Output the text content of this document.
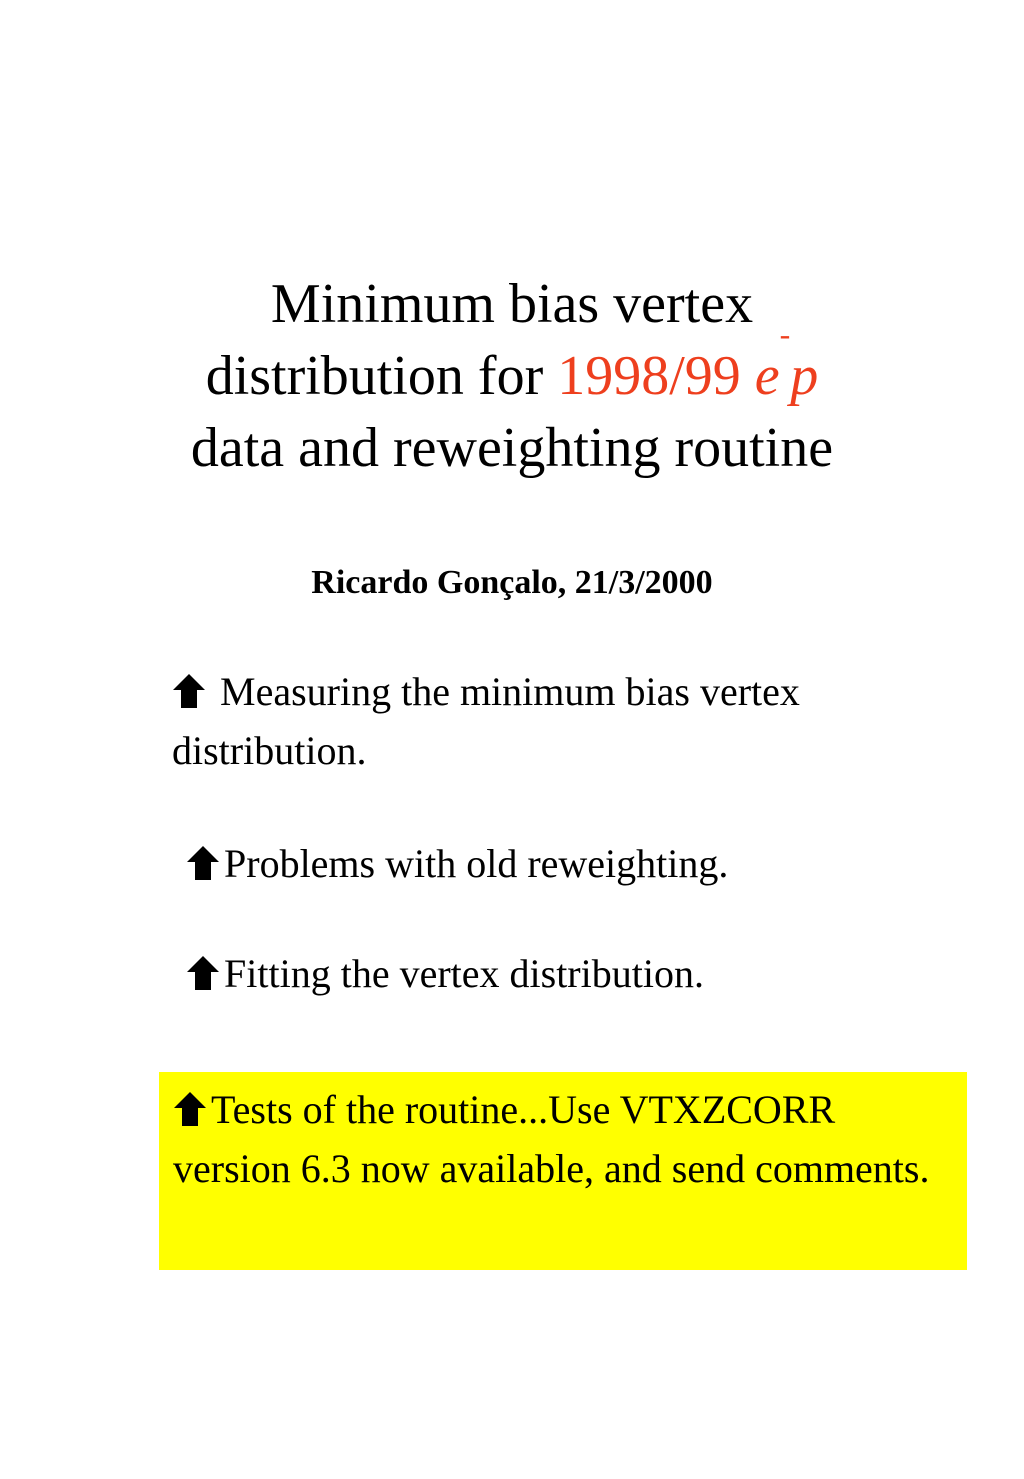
Minimum bias vertex
distribution for 1998/99 e-p
data and reweighting routine

Ricardo Gonçalo, 21/3/2000

Measuring the minimum bias vertex distribution.

Problems with old reweighting.

Fitting the vertex distribution.

Tests of the routine...Use VTXZCORR version 6.3 now available, and send comments.
